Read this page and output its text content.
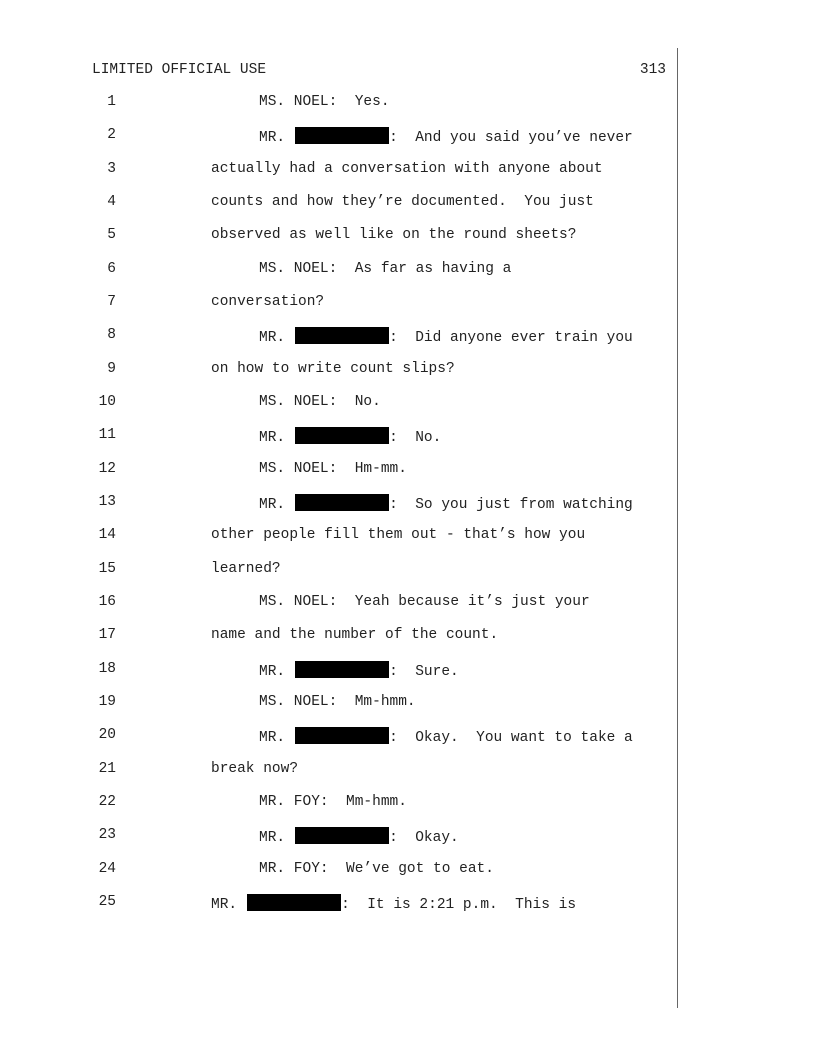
LIMITED OFFICIAL USE	313
1	MS. NOEL:  Yes.
2	MR.	:  And you said you’ve never
3	actually had a conversation with anyone about
4	counts and how they’re documented.  You just
5	observed as well like on the round sheets?
6	MS. NOEL:  As far as having a
7	conversation?
8	MR.	:  Did anyone ever train you
9	on how to write count slips?
10	MS. NOEL:  No.
11	MR.	:  No.
12	MS. NOEL:  Hm-mm.
13	MR.	:  So you just from watching
14	other people fill them out - that’s how you
15	learned?
16	MS. NOEL:  Yeah because it’s just your
17	name and the number of the count.
18	MR.	:  Sure.
19	MS. NOEL:  Mm-hmm.
20	MR.	:  Okay.  You want to take a
21	break now?
22	MR. FOY:  Mm-hmm.
23	MR.	:  Okay.
24	MR. FOY:  We’ve got to eat.
25	MR.	:  It is 2:21 p.m.  This is
